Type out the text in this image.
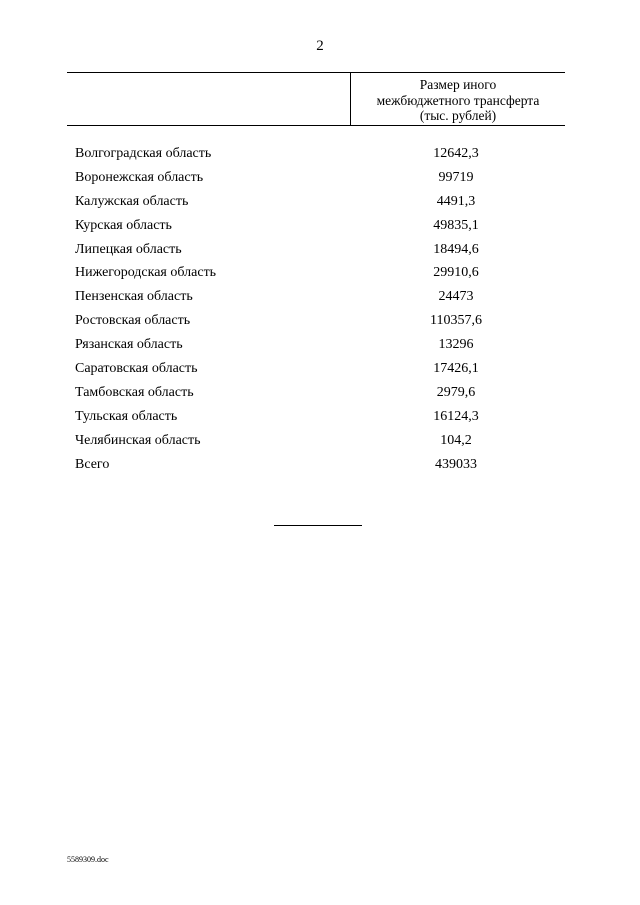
2
Размер иного
межбюджетного трансферта
(тыс. рублей)
Волгоградская область	12642,3
Воронежская область	99719
Калужская область	4491,3
Курская область	49835,1
Липецкая область	18494,6
Нижегородская область	29910,6
Пензенская область	24473
Ростовская область	110357,6
Рязанская область	13296
Саратовская область	17426,1
Тамбовская область	2979,6
Тульская область	16124,3
Челябинская область	104,2
Всего	439033
5589309.doc
